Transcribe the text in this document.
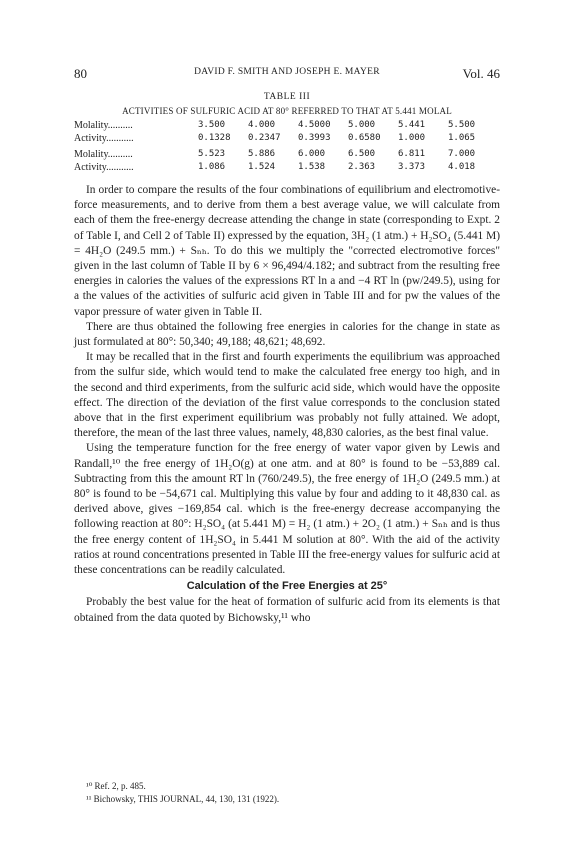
80	DAVID F. SMITH AND JOSEPH E. MAYER	Vol. 46
TABLE III
ACTIVITIES OF SULFURIC ACID AT 80° REFERRED TO THAT AT 5.441 MOLAL
Molality..........	3.500	4.000	4.5000	5.000	5.441	5.500
Activity...........	0.1328	0.2347	0.3993	0.6580	1.000	1.065
Molality..........	5.523	5.886	6.000	6.500	6.811	7.000
Activity...........	1.086	1.524	1.538	2.363	3.373	4.018

In order to compare the results of the four combinations of equilibrium and electromotive-force measurements, and to derive from them a best average value, we will calculate from each of them the free-energy decrease attending the change in state (corresponding to Expt. 2 of Table I, and Cell 2 of Table II) expressed by the equation, 3H₂ (1 atm.) + H₂SO₄ (5.441 M) = 4H₂O (249.5 mm.) + Sₙₕ. To do this we multiply the "corrected electromotive forces" given in the last column of Table II by 6 × 96,494/4.182; and subtract from the resulting free energies in calories the values of the expressions RT ln a and −4 RT ln (pw/249.5), using for a the values of the activities of sulfuric acid given in Table III and for pw the values of the vapor pressure of water given in Table II.

There are thus obtained the following free energies in calories for the change in state as just formulated at 80°: 50,340; 49,188; 48,621; 48,692.

It may be recalled that in the first and fourth experiments the equilibrium was approached from the sulfur side, which would tend to make the calculated free energy too high, and in the second and third experiments, from the sulfuric acid side, which would have the opposite effect. The direction of the deviation of the first value corresponds to the conclusion stated above that in the first experiment equilibrium was probably not fully attained. We adopt, therefore, the mean of the last three values, namely, 48,830 calories, as the best final value.

Using the temperature function for the free energy of water vapor given by Lewis and Randall,¹⁰ the free energy of 1H₂O(g) at one atm. and at 80° is found to be −53,889 cal. Subtracting from this the amount RT ln (760/249.5), the free energy of 1H₂O (249.5 mm.) at 80° is found to be −54,671 cal. Multiplying this value by four and adding to it 48,830 cal. as derived above, gives −169,854 cal. which is the free-energy decrease accompanying the following reaction at 80°: H₂SO₄ (at 5.441 M) = H₂ (1 atm.) + 2O₂ (1 atm.) + Sₙₕ and is thus the free energy content of 1H₂SO₄ in 5.441 M solution at 80°. With the aid of the activity ratios at round concentrations presented in Table III the free-energy values for sulfuric acid at these concentrations can be readily calculated.

Calculation of the Free Energies at 25°

Probably the best value for the heat of formation of sulfuric acid from its elements is that obtained from the data quoted by Bichowsky,¹¹ who

¹⁰ Ref. 2, p. 485.
¹¹ Bichowsky, THIS JOURNAL, 44, 130, 131 (1922).
